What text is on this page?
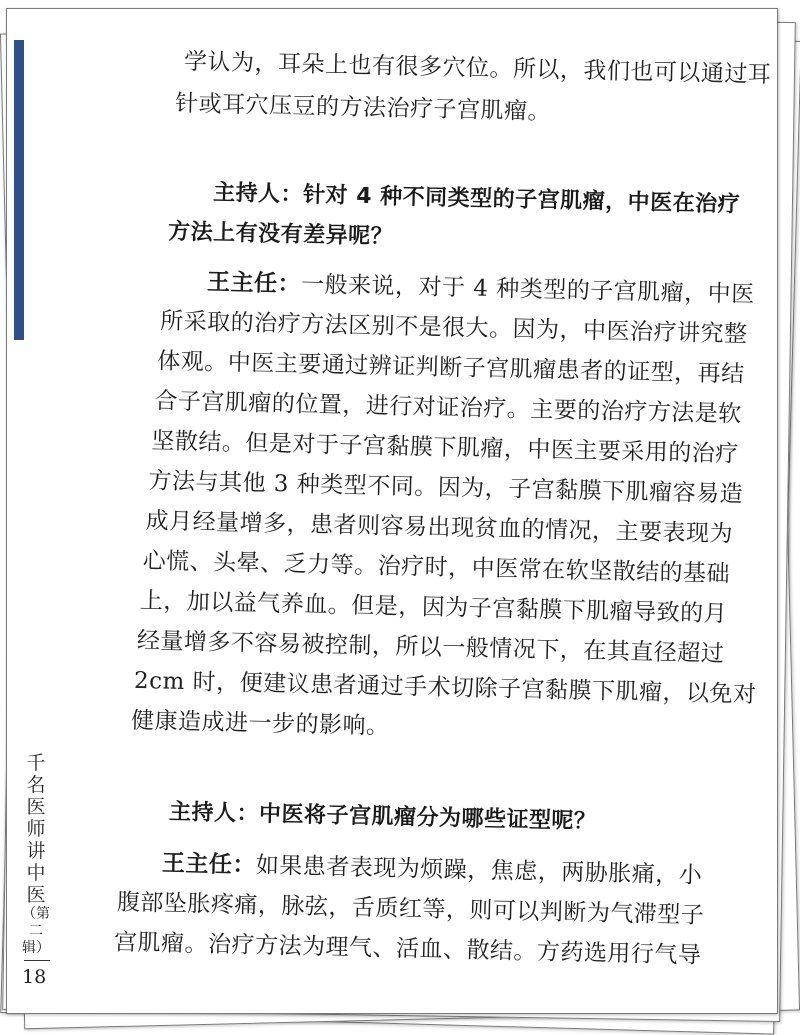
学认为，耳朵上也有很多穴位。所以，我们也可以通过耳
针或耳穴压豆的方法治疗子宫肌瘤。
主持人：针对 4 种不同类型的子宫肌瘤，中医在治疗
方法上有没有差异呢？
王主任：一般来说，对于 4 种类型的子宫肌瘤，中医
所采取的治疗方法区别不是很大。因为，中医治疗讲究整
体观。中医主要通过辨证判断子宫肌瘤患者的证型，再结
合子宫肌瘤的位置，进行对证治疗。主要的治疗方法是软
坚散结。但是对于子宫黏膜下肌瘤，中医主要采用的治疗
方法与其他 3 种类型不同。因为，子宫黏膜下肌瘤容易造
成月经量增多，患者则容易出现贫血的情况，主要表现为
心慌、头晕、乏力等。治疗时，中医常在软坚散结的基础
上，加以益气养血。但是，因为子宫黏膜下肌瘤导致的月
经量增多不容易被控制，所以一般情况下，在其直径超过
2cm 时，便建议患者通过手术切除子宫黏膜下肌瘤，以免对
健康造成进一步的影响。
主持人：中医将子宫肌瘤分为哪些证型呢？
王主任：如果患者表现为烦躁，焦虑，两胁胀痛，小
腹部坠胀疼痛，脉弦，舌质红等，则可以判断为气滞型子
宫肌瘤。治疗方法为理气、活血、散结。方药选用行气导
千名医师讲中医
（第二辑）
18
